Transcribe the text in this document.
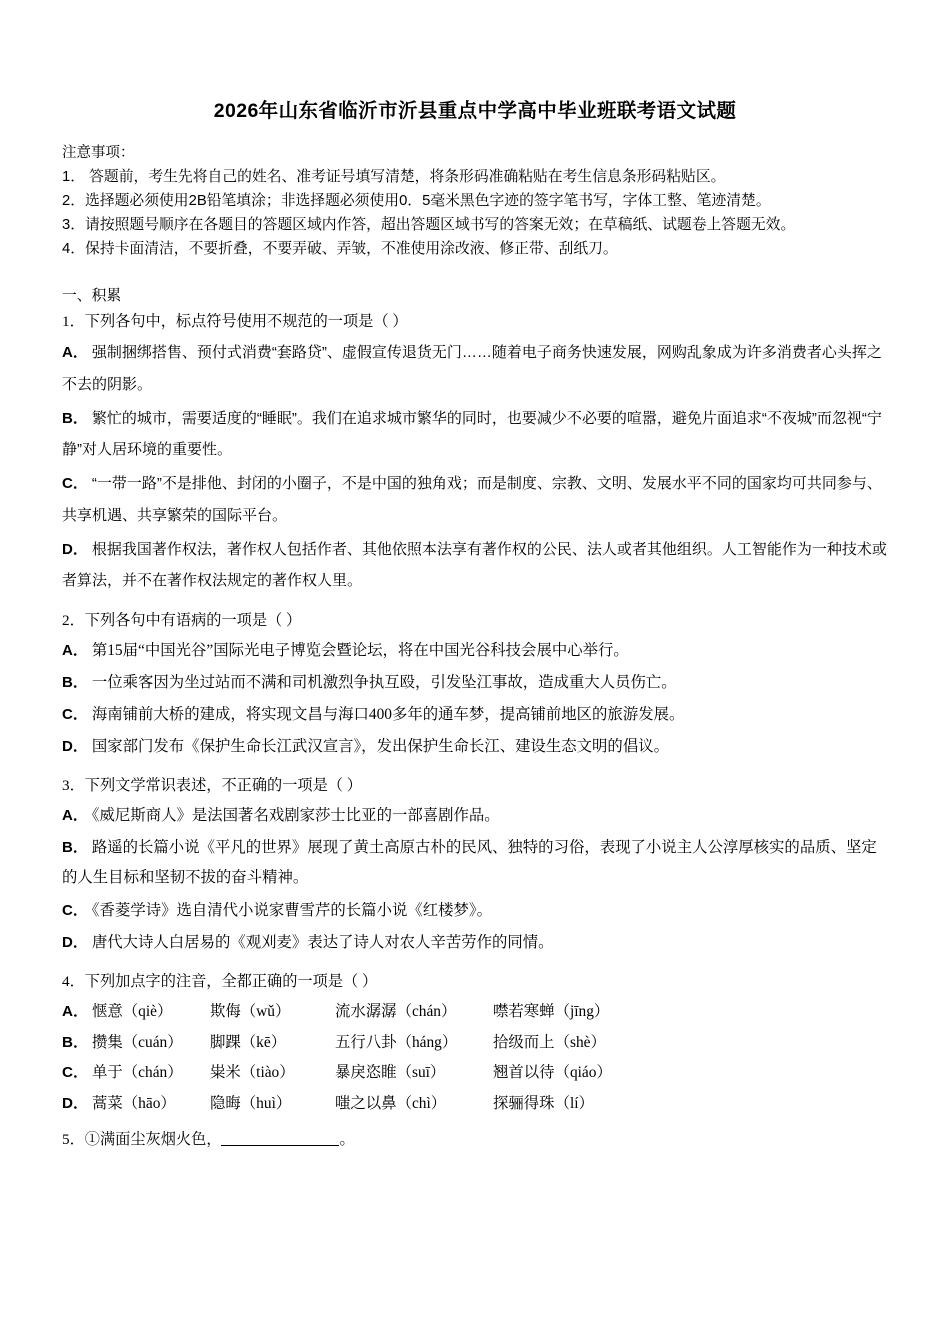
2026年山东省临沂市沂县重点中学高中毕业班联考语文试题

注意事项：

1． 答题前，考生先将自己的姓名、准考证号填写清楚，将条形码准确粘贴在考生信息条形码粘贴区。

2．选择题必须使用2B铅笔填涂；非选择题必须使用0．5毫米黑色字迹的签字笔书写，字体工整、笔迹清楚。

3．请按照题号顺序在各题目的答题区域内作答，超出答题区域书写的答案无效；在草稿纸、试题卷上答题无效。

4．保持卡面清洁，不要折叠，不要弄破、弄皱，不准使用涂改液、修正带、刮纸刀。

一、积累

1．下列各句中，标点符号使用不规范的一项是（ ）

A． 强制捆绑搭售、预付式消费“套路贷”、虚假宣传退货无门……随着电子商务快速发展，网购乱象成为许多消费者心头挥之不去的阴影。

B． 繁忙的城市，需要适度的“睡眠”。我们在追求城市繁华的同时，也要减少不必要的喧嚣，避免片面追求“不夜城”而忽视“宁静”对人居环境的重要性。

C． “一带一路”不是排他、封闭的小圈子，不是中国的独角戏；而是制度、宗教、文明、发展水平不同的国家均可共同参与、共享机遇、共享繁荣的国际平台。

D． 根据我国著作权法，著作权人包括作者、其他依照本法享有著作权的公民、法人或者其他组织。人工智能作为一种技术或者算法，并不在著作权法规定的著作权人里。

2．下列各句中有语病的一项是（ ）

A． 第15届“中国光谷”国际光电子博览会暨论坛，将在中国光谷科技会展中心举行。

B． 一位乘客因为坐过站而不满和司机激烈争执互殴，引发坠江事故，造成重大人员伤亡。

C． 海南铺前大桥的建成，将实现文昌与海口400多年的通车梦，提高铺前地区的旅游发展。

D． 国家部门发布《保护生命长江武汉宣言》，发出保护生命长江、建设生态文明的倡议。

3．下列文学常识表述，不正确的一项是（ ）

A． 《威尼斯商人》是法国著名戏剧家莎士比亚的一部喜剧作品。

B． 路遥的长篇小说《平凡的世界》展现了黄土高原古朴的民风、独特的习俗，表现了小说主人公淳厚核实的品质、坚定的人生目标和坚韧不拔的奋斗精神。

C． 《香菱学诗》选自清代小说家曹雪芹的长篇小说《红楼梦》。

D． 唐代大诗人白居易的《观刈麦》表达了诗人对农人辛苦劳作的同情。

4．下列加点字的注音，全都正确的一项是（ ）

A． 惬意（qiè）	欺侮（wǔ）	流水潺潺（chán）	噤若寒蝉（jīng）
B． 攒集（cuán）	脚踝（kē）	五行八卦（háng）	拾级而上（shè）
C． 单于（chán）	粜米（tiào）	暴戾恣睢（suī）	翘首以待（qiáo）
D． 蒿菜（hāo）	隐晦（huì）	嗤之以鼻（chì）	探骊得珠（lí）

5．①满面尘灰烟火色，	。
